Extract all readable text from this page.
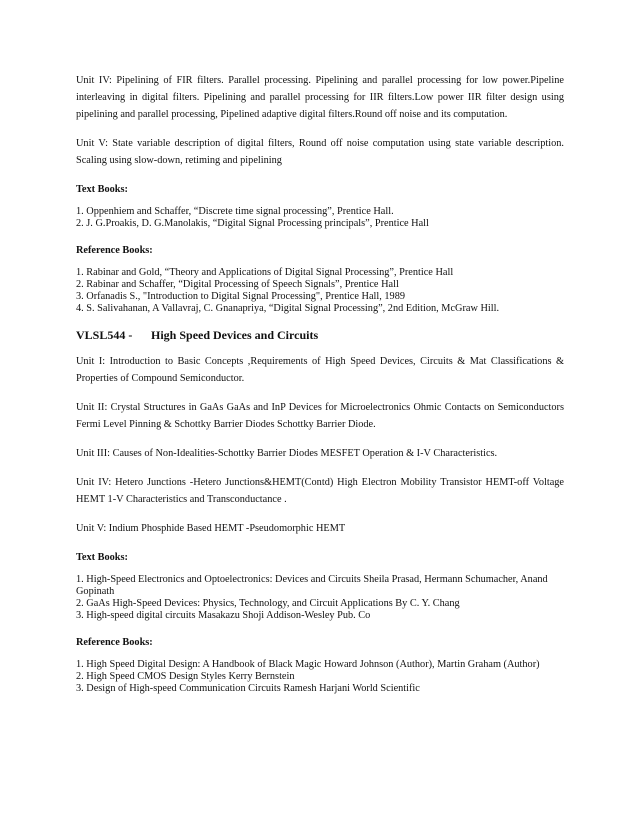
Unit IV: Pipelining of FIR filters. Parallel processing. Pipelining and parallel processing for low power.Pipeline interleaving in digital filters. Pipelining and parallel processing for IIR filters.Low power IIR filter design using pipelining and parallel processing, Pipelined adaptive digital filters.Round off noise and its computation.

Unit V: State variable description of digital filters, Round off noise computation using state variable description. Scaling using slow-down, retiming and pipelining

Text Books:

1. Oppenhiem and Schaffer, “Discrete time signal processing”, Prentice Hall.

2. J. G.Proakis, D. G.Manolakis, “Digital Signal Processing principals”, Prentice Hall

Reference Books:

1. Rabinar and Gold, “Theory and Applications of Digital Signal Processing”, Prentice Hall

2. Rabinar and Schaffer, “Digital Processing of Speech Signals”, Prentice Hall

3. Orfanadis S., "Introduction to Digital Signal Processing", Prentice Hall, 1989

4. S. Salivahanan, A Vallavraj, C. Gnanapriya, “Digital Signal Processing”, 2nd Edition, McGraw Hill.

VLSL544 - High Speed Devices and Circuits

Unit I: Introduction to Basic Concepts ,Requirements of High Speed Devices, Circuits & Mat Classifications & Properties of Compound Semiconductor.

Unit II: Crystal Structures in GaAs GaAs and InP Devices for Microelectronics Ohmic Contacts on Semiconductors Fermi Level Pinning & Schottky Barrier Diodes Schottky Barrier Diode.

Unit III: Causes of Non-Idealities-Schottky Barrier Diodes MESFET Operation & I-V Characteristics.

Unit IV: Hetero Junctions -Hetero Junctions&HEMT(Contd) High Electron Mobility Transistor HEMT-off Voltage HEMT 1-V Characteristics and Transconductance .

Unit V: Indium Phosphide Based HEMT -Pseudomorphic HEMT

Text Books:

1. High-Speed Electronics and Optoelectronics: Devices and Circuits Sheila Prasad, Hermann Schumacher, Anand Gopinath

2. GaAs High-Speed Devices: Physics, Technology, and Circuit Applications By C. Y. Chang

3. High-speed digital circuits Masakazu Shoji Addison-Wesley Pub. Co

Reference Books:

1. High Speed Digital Design: A Handbook of Black Magic Howard Johnson (Author), Martin Graham (Author)

2. High Speed CMOS Design Styles Kerry Bernstein

3. Design of High-speed Communication Circuits Ramesh Harjani World Scientific
